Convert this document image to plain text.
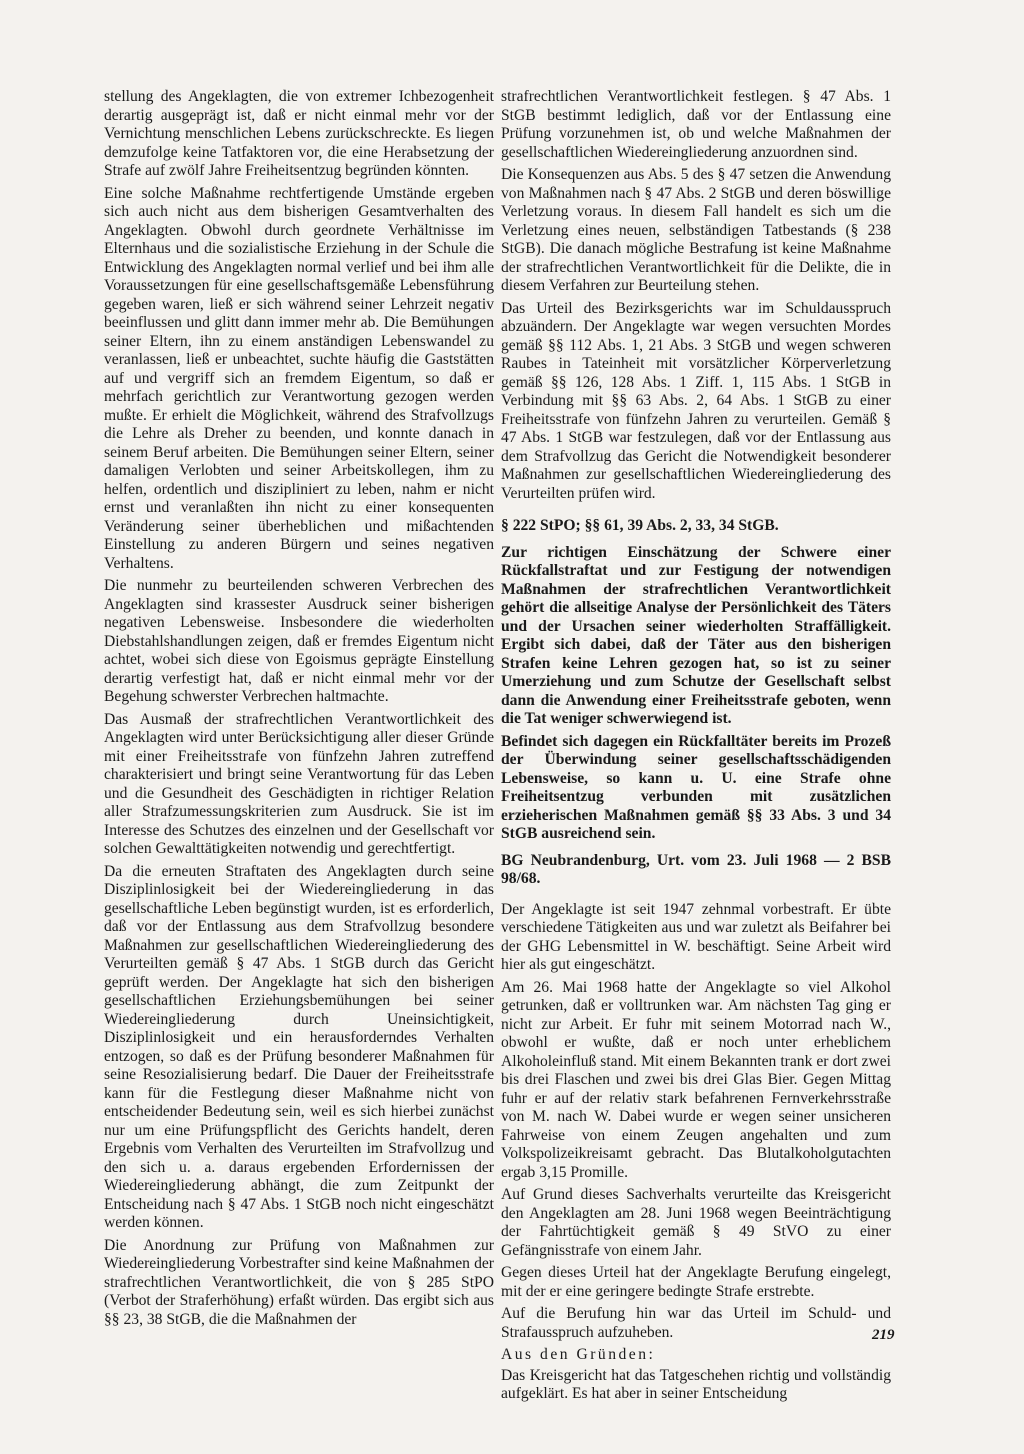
stellung des Angeklagten, die von extremer Ichbezogenheit derartig ausgeprägt ist, daß er nicht einmal mehr vor der Vernichtung menschlichen Lebens zurückschreckte. Es liegen demzufolge keine Tatfaktoren vor, die eine Herabsetzung der Strafe auf zwölf Jahre Freiheitsentzug begründen könnten.

Eine solche Maßnahme rechtfertigende Umstände ergeben sich auch nicht aus dem bisherigen Gesamtverhalten des Angeklagten. Obwohl durch geordnete Verhältnisse im Elternhaus und die sozialistische Erziehung in der Schule die Entwicklung des Angeklagten normal verlief und bei ihm alle Voraussetzungen für eine gesellschaftsgemäße Lebensführung gegeben waren, ließ er sich während seiner Lehrzeit negativ beeinflussen und glitt dann immer mehr ab. Die Bemühungen seiner Eltern, ihn zu einem anständigen Lebenswandel zu veranlassen, ließ er unbeachtet, suchte häufig die Gaststätten auf und vergriff sich an fremdem Eigentum, so daß er mehrfach gerichtlich zur Verantwortung gezogen werden mußte. Er erhielt die Möglichkeit, während des Strafvollzugs die Lehre als Dreher zu beenden, und konnte danach in seinem Beruf arbeiten. Die Bemühungen seiner Eltern, seiner damaligen Verlobten und seiner Arbeitskollegen, ihm zu helfen, ordentlich und diszipliniert zu leben, nahm er nicht ernst und veranlaßten ihn nicht zu einer konsequenten Veränderung seiner überheblichen und mißachtenden Einstellung zu anderen Bürgern und seines negativen Verhaltens.

Die nunmehr zu beurteilenden schweren Verbrechen des Angeklagten sind krassester Ausdruck seiner bisherigen negativen Lebensweise. Insbesondere die wiederholten Diebstahlshandlungen zeigen, daß er fremdes Eigentum nicht achtet, wobei sich diese von Egoismus geprägte Einstellung derartig verfestigt hat, daß er nicht einmal mehr vor der Begehung schwerster Verbrechen haltmachte.

Das Ausmaß der strafrechtlichen Verantwortlichkeit des Angeklagten wird unter Berücksichtigung aller dieser Gründe mit einer Freiheitsstrafe von fünfzehn Jahren zutreffend charakterisiert und bringt seine Verantwortung für das Leben und die Gesundheit des Geschädigten in richtiger Relation aller Strafzumessungskriterien zum Ausdruck. Sie ist im Interesse des Schutzes des einzelnen und der Gesellschaft vor solchen Gewalttätigkeiten notwendig und gerechtfertigt.

Da die erneuten Straftaten des Angeklagten durch seine Disziplinlosigkeit bei der Wiedereingliederung in das gesellschaftliche Leben begünstigt wurden, ist es erforderlich, daß vor der Entlassung aus dem Strafvollzug besondere Maßnahmen zur gesellschaftlichen Wiedereingliederung des Verurteilten gemäß § 47 Abs. 1 StGB durch das Gericht geprüft werden. Der Angeklagte hat sich den bisherigen gesellschaftlichen Erziehungsbemühungen bei seiner Wiedereingliederung durch Uneinsichtigkeit, Disziplinlosigkeit und ein herausforderndes Verhalten entzogen, so daß es der Prüfung besonderer Maßnahmen für seine Resozialisierung bedarf. Die Dauer der Freiheitsstrafe kann für die Festlegung dieser Maßnahme nicht von entscheidender Bedeutung sein, weil es sich hierbei zunächst nur um eine Prüfungspflicht des Gerichts handelt, deren Ergebnis vom Verhalten des Verurteilten im Strafvollzug und den sich u. a. daraus ergebenden Erfordernissen der Wiedereingliederung abhängt, die zum Zeitpunkt der Entscheidung nach § 47 Abs. 1 StGB noch nicht eingeschätzt werden können.

Die Anordnung zur Prüfung von Maßnahmen zur Wiedereingliederung Vorbestrafter sind keine Maßnahmen der strafrechtlichen Verantwortlichkeit, die von § 285 StPO (Verbot der Straferhöhung) erfaßt würden. Das ergibt sich aus §§ 23, 38 StGB, die die Maßnahmen der

strafrechtlichen Verantwortlichkeit festlegen. § 47 Abs. 1 StGB bestimmt lediglich, daß vor der Entlassung eine Prüfung vorzunehmen ist, ob und welche Maßnahmen der gesellschaftlichen Wiedereingliederung anzuordnen sind.

Die Konsequenzen aus Abs. 5 des § 47 setzen die Anwendung von Maßnahmen nach § 47 Abs. 2 StGB und deren böswillige Verletzung voraus. In diesem Fall handelt es sich um die Verletzung eines neuen, selbständigen Tatbestands (§ 238 StGB). Die danach mögliche Bestrafung ist keine Maßnahme der strafrechtlichen Verantwortlichkeit für die Delikte, die in diesem Verfahren zur Beurteilung stehen.

Das Urteil des Bezirksgerichts war im Schuldausspruch abzuändern. Der Angeklagte war wegen versuchten Mordes gemäß §§ 112 Abs. 1, 21 Abs. 3 StGB und wegen schweren Raubes in Tateinheit mit vorsätzlicher Körperverletzung gemäß §§ 126, 128 Abs. 1 Ziff. 1, 115 Abs. 1 StGB in Verbindung mit §§ 63 Abs. 2, 64 Abs. 1 StGB zu einer Freiheitsstrafe von fünfzehn Jahren zu verurteilen. Gemäß § 47 Abs. 1 StGB war festzulegen, daß vor der Entlassung aus dem Strafvollzug das Gericht die Notwendigkeit besonderer Maßnahmen zur gesellschaftlichen Wiedereingliederung des Verurteilten prüfen wird.

§ 222 StPO; §§ 61, 39 Abs. 2, 33, 34 StGB.

Zur richtigen Einschätzung der Schwere einer Rückfallstraftat und zur Festigung der notwendigen Maßnahmen der strafrechtlichen Verantwortlichkeit gehört die allseitige Analyse der Persönlichkeit des Täters und der Ursachen seiner wiederholten Straffälligkeit. Ergibt sich dabei, daß der Täter aus den bisherigen Strafen keine Lehren gezogen hat, so ist zu seiner Umerziehung und zum Schutze der Gesellschaft selbst dann die Anwendung einer Freiheitsstrafe geboten, wenn die Tat weniger schwerwiegend ist.

Befindet sich dagegen ein Rückfalltäter bereits im Prozeß der Überwindung seiner gesellschaftsschädigenden Lebensweise, so kann u. U. eine Strafe ohne Freiheitsentzug verbunden mit zusätzlichen erzieherischen Maßnahmen gemäß §§ 33 Abs. 3 und 34 StGB ausreichend sein.

BG Neubrandenburg, Urt. vom 23. Juli 1968 — 2 BSB 98/68.

Der Angeklagte ist seit 1947 zehnmal vorbestraft. Er übte verschiedene Tätigkeiten aus und war zuletzt als Beifahrer bei der GHG Lebensmittel in W. beschäftigt. Seine Arbeit wird hier als gut eingeschätzt.

Am 26. Mai 1968 hatte der Angeklagte so viel Alkohol getrunken, daß er volltrunken war. Am nächsten Tag ging er nicht zur Arbeit. Er fuhr mit seinem Motorrad nach W., obwohl er wußte, daß er noch unter erheblichem Alkoholeinfluß stand. Mit einem Bekannten trank er dort zwei bis drei Flaschen und zwei bis drei Glas Bier. Gegen Mittag fuhr er auf der relativ stark befahrenen Fernverkehrsstraße von M. nach W. Dabei wurde er wegen seiner unsicheren Fahrweise von einem Zeugen angehalten und zum Volkspolizeikreisamt gebracht. Das Blutalkoholgutachten ergab 3,15 Promille.

Auf Grund dieses Sachverhalts verurteilte das Kreisgericht den Angeklagten am 28. Juni 1968 wegen Beeinträchtigung der Fahrtüchtigkeit gemäß § 49 StVO zu einer Gefängnisstrafe von einem Jahr.

Gegen dieses Urteil hat der Angeklagte Berufung eingelegt, mit der er eine geringere bedingte Strafe erstrebte.

Auf die Berufung hin war das Urteil im Schuld- und Strafausspruch aufzuheben.

Aus den Gründen:

Das Kreisgericht hat das Tatgeschehen richtig und vollständig aufgeklärt. Es hat aber in seiner Entscheidung

219
